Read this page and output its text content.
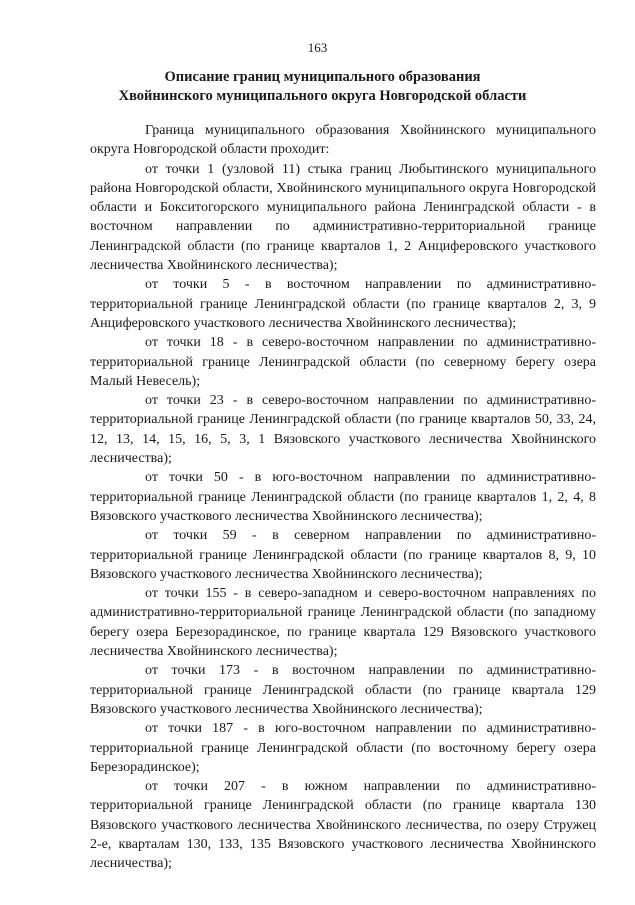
163
Описание границ муниципального образования
Хвойнинского муниципального округа Новгородской области

Граница муниципального образования Хвойнинского муниципального округа Новгородской области проходит:

от точки 1 (узловой 11) стыка границ Любытинского муниципального района Новгородской области, Хвойнинского муниципального округа Новгородской области и Бокситогорского муниципального района Ленинградской области - в восточном направлении по административно-территориальной границе Ленинградской области (по границе кварталов 1, 2 Анциферовского участкового лесничества Хвойнинского лесничества);

от точки 5 - в восточном направлении по административно-территориальной границе Ленинградской области (по границе кварталов 2, 3, 9 Анциферовского участкового лесничества Хвойнинского лесничества);

от точки 18 - в северо-восточном направлении по административно-территориальной границе Ленинградской области (по северному берегу озера Малый Невесель);

от точки 23 - в северо-восточном направлении по административно-территориальной границе Ленинградской области (по границе кварталов 50, 33, 24, 12, 13, 14, 15, 16, 5, 3, 1 Вязовского участкового лесничества Хвойнинского лесничества);

от точки 50 - в юго-восточном направлении по административно-территориальной границе Ленинградской области (по границе кварталов 1, 2, 4, 8 Вязовского участкового лесничества Хвойнинского лесничества);

от точки 59 - в северном направлении по административно-территориальной границе Ленинградской области (по границе кварталов 8, 9, 10 Вязовского участкового лесничества Хвойнинского лесничества);

от точки 155 - в северо-западном и северо-восточном направлениях по административно-территориальной границе Ленинградской области (по западному берегу озера Березорадинское, по границе квартала 129 Вязовского участкового лесничества Хвойнинского лесничества);

от точки 173 - в восточном направлении по административно-территориальной границе Ленинградской области (по границе квартала 129 Вязовского участкового лесничества Хвойнинского лесничества);

от точки 187 - в юго-восточном направлении по административно-территориальной границе Ленинградской области (по восточному берегу озера Березорадинское);

от точки 207 - в южном направлении по административно-территориальной границе Ленинградской области (по границе квартала 130 Вязовского участкового лесничества Хвойнинского лесничества, по озеру Стружец 2-е, кварталам 130, 133, 135 Вязовского участкового лесничества Хвойнинского лесничества);
